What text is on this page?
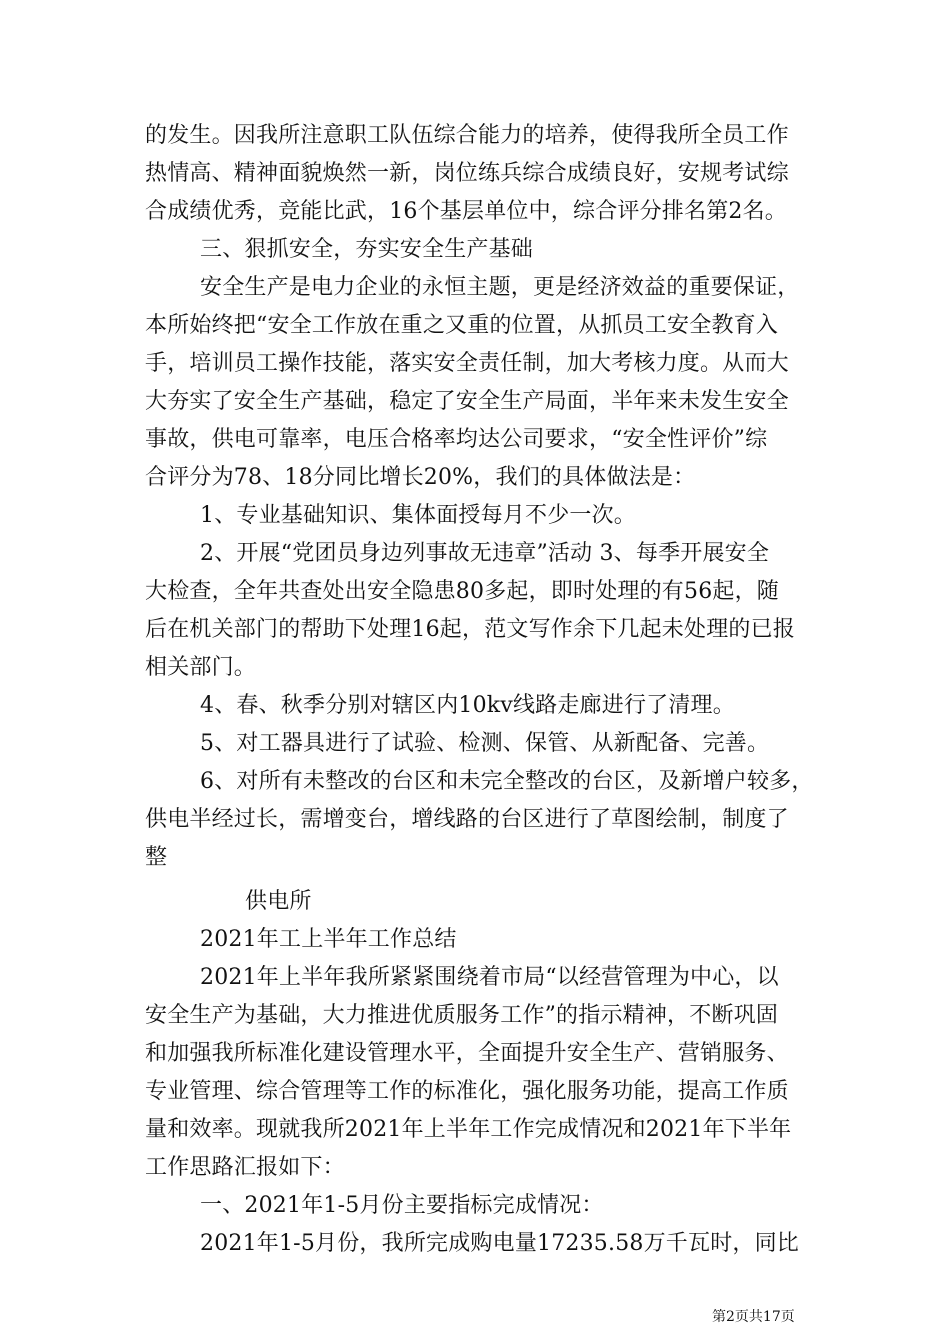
的发生。因我所注意职工队伍综合能力的培养，使得我所全员工作
热情高、精神面貌焕然一新，岗位练兵综合成绩良好，安规考试综
合成绩优秀，竞能比武，16个基层单位中，综合评分排名第2名。
三、狠抓安全，夯实安全生产基础
安全生产是电力企业的永恒主题，更是经济效益的重要保证，
本所始终把“安全工作放在重之又重的位置，从抓员工安全教育入
手，培训员工操作技能，落实安全责任制，加大考核力度。从而大
大夯实了安全生产基础，稳定了安全生产局面，半年来未发生安全
事故，供电可靠率，电压合格率均达公司要求，“安全性评价”综
合评分为78、18分同比增长20%，我们的具体做法是：
1、专业基础知识、集体面授每月不少一次。
2、开展“党团员身边列事故无违章”活动 3、每季开展安全
大检查，全年共查处出安全隐患80多起，即时处理的有56起，随
后在机关部门的帮助下处理16起，范文写作余下几起未处理的已报
相关部门。
4、春、秋季分别对辖区内10kv线路走廊进行了清理。
5、对工器具进行了试验、检测、保管、从新配备、完善。
6、对所有未整改的台区和未完全整改的台区，及新增户较多，
供电半经过长，需增变台，增线路的台区进行了草图绘制，制度了
整
供电所
2021年工上半年工作总结
2021年上半年我所紧紧围绕着市局“以经营管理为中心，以
安全生产为基础，大力推进优质服务工作”的指示精神，不断巩固
和加强我所标准化建设管理水平，全面提升安全生产、营销服务、
专业管理、综合管理等工作的标准化，强化服务功能，提高工作质
量和效率。现就我所2021年上半年工作完成情况和2021年下半年
工作思路汇报如下：
一、2021年1-5月份主要指标完成情况：
2021年1-5月份，我所完成购电量17235.58万千瓦时，同比
第2页共17页
